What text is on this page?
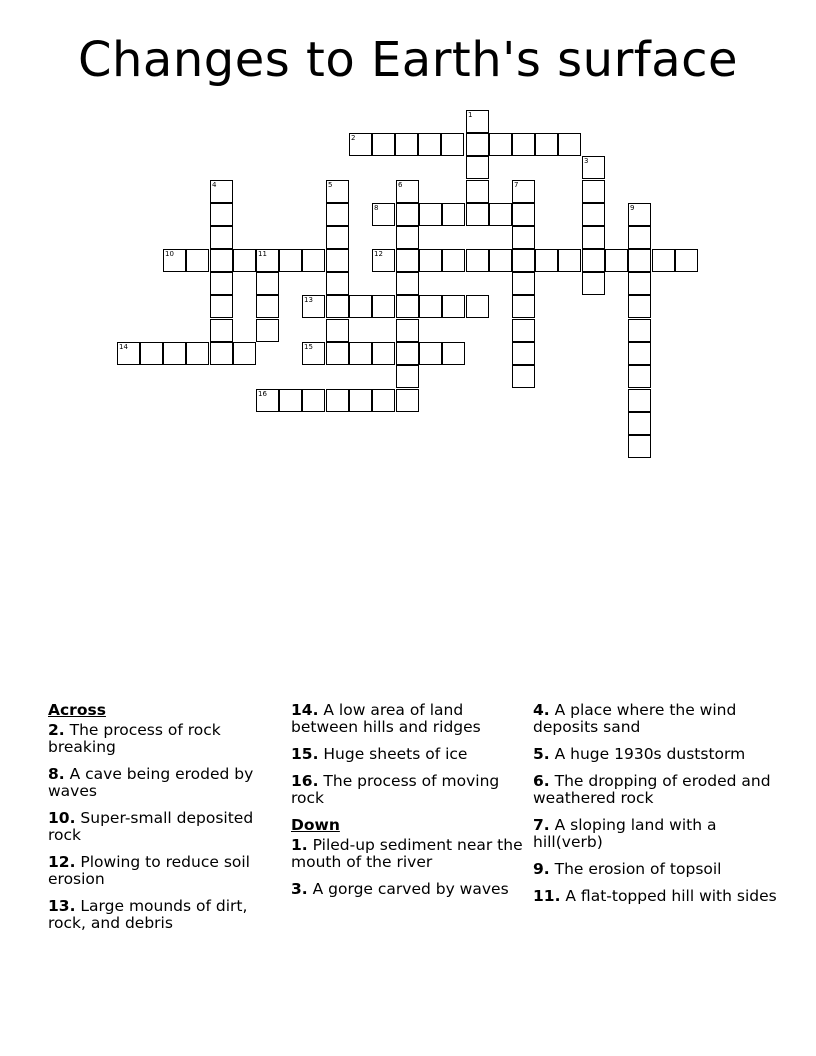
Changes to Earth's surface
1
2
3
4	5	6	7
8	9
10	11	12
13
14	15
16
Across
2. The process of rock breaking
8. A cave being eroded by waves
10. Super-small deposited rock
12. Plowing to reduce soil erosion
13. Large mounds of dirt, rock, and debris
14. A low area of land between hills and ridges
15. Huge sheets of ice
16. The process of moving rock
Down
1. Piled-up sediment near the mouth of the river
3. A gorge carved by waves
4. A place where the wind deposits sand
5. A huge 1930s duststorm
6. The dropping of eroded and weathered rock
7. A sloping land with a hill(verb)
9. The erosion of topsoil
11. A flat-topped hill with sides
